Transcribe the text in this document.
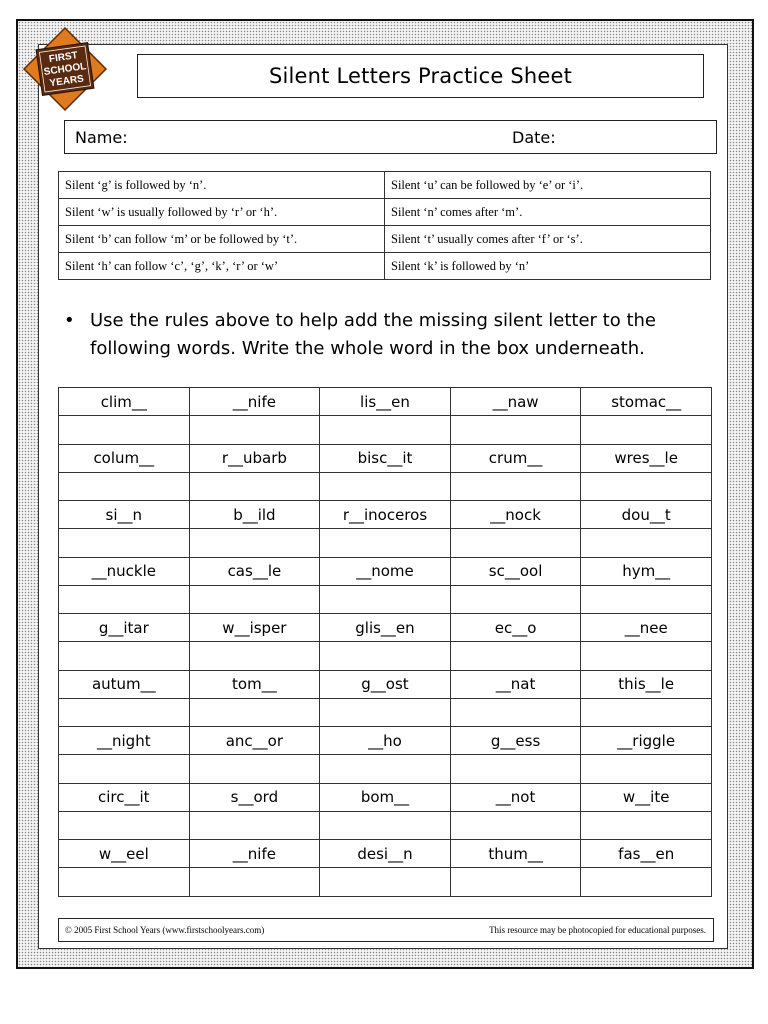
FIRST
SCHOOL
YEARS	Silent Letters Practice Sheet
Name:	Date:
Silent ‘g’ is followed by ‘n’.	Silent ‘u’ can be followed by ‘e’ or ‘i’.
Silent ‘w’ is usually followed by ‘r’ or ‘h’.	Silent ‘n’ comes after ‘m’.
Silent ‘b’ can follow ‘m’ or be followed by ‘t’.	Silent ‘t’ usually comes after ‘f’ or ‘s’.
Silent ‘h’ can follow ‘c’, ‘g’, ‘k’, ‘r’ or ‘w’	Silent ‘k’ is followed by ‘n’
• Use the rules above to help add the missing silent letter to the following words. Write the whole word in the box underneath.
clim__	__nife	lis__en	__naw	stomac__

colum__	r__ubarb	bisc__it	crum__	wres__le

si__n	b__ild	r__inoceros	__nock	dou__t

__nuckle	cas__le	__nome	sc__ool	hym__

g__itar	w__isper	glis__en	ec__o	__nee

autum__	tom__	g__ost	__nat	this__le

__night	anc__or	__ho	g__ess	__riggle

circ__it	s__ord	bom__	__not	w__ite

w__eel	__nife	desi__n	thum__	fas__en

© 2005 First School Years (www.firstschoolyears.com)	This resource may be photocopied for educational purposes.
